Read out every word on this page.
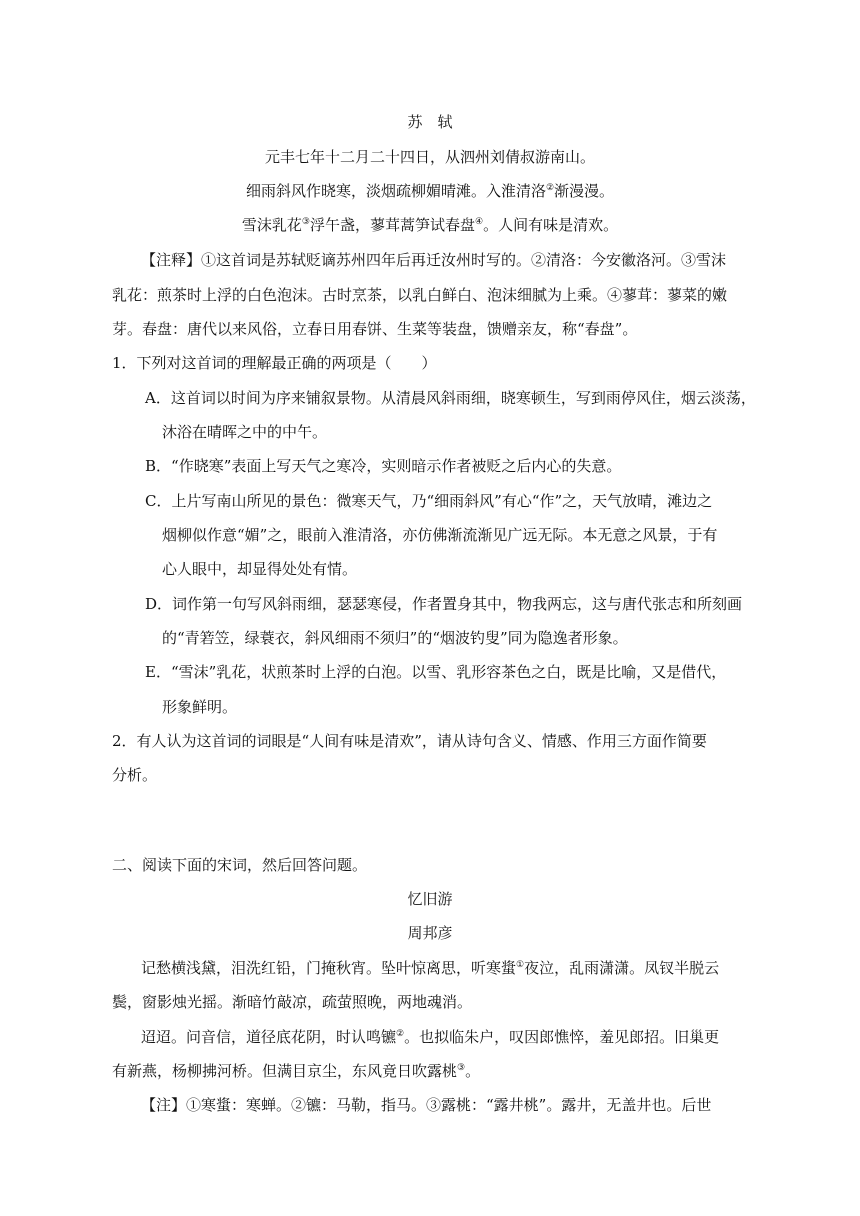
苏　轼
元丰七年十二月二十四日，从泗州刘倩叔游南山。
细雨斜风作晓寒，淡烟疏柳媚晴滩。入淮清洛②渐漫漫。
雪沫乳花③浮午盏，蓼茸蒿笋试春盘④。人间有味是清欢。
【注释】①这首词是苏轼贬谪苏州四年后再迁汝州时写的。②清洛：今安徽洛河。③雪沫
乳花：煎茶时上浮的白色泡沫。古时烹茶，以乳白鲜白、泡沫细腻为上乘。④蓼茸：蓼菜的嫩
芽。春盘：唐代以来风俗，立春日用春饼、生菜等装盘，馈赠亲友，称“春盘”。
1．下列对这首词的理解最正确的两项是（　　）
A．这首词以时间为序来铺叙景物。从清晨风斜雨细，晓寒顿生，写到雨停风住，烟云淡荡，
沐浴在晴晖之中的中午。
B．“作晓寒”表面上写天气之寒冷，实则暗示作者被贬之后内心的失意。
C．上片写南山所见的景色：微寒天气，乃“细雨斜风”有心“作”之，天气放晴，滩边之
烟柳似作意“媚”之，眼前入淮清洛，亦仿佛渐流渐见广远无际。本无意之风景，于有
心人眼中，却显得处处有情。
D．词作第一句写风斜雨细，瑟瑟寒侵，作者置身其中，物我两忘，这与唐代张志和所刻画
的“青箬笠，绿蓑衣，斜风细雨不须归”的“烟波钓叟”同为隐逸者形象。
E．“雪沫”乳花，状煎茶时上浮的白泡。以雪、乳形容茶色之白，既是比喻，又是借代，
形象鲜明。
2．有人认为这首词的词眼是“人间有味是清欢”，请从诗句含义、情感、作用三方面作简要
分析。
二、阅读下面的宋词，然后回答问题。
忆旧游
周邦彦
记愁横浅黛，泪洗红铅，门掩秋宵。坠叶惊离思，听寒螀①夜泣，乱雨潇潇。凤钗半脱云
鬓，窗影烛光摇。渐暗竹敲凉，疏萤照晚，两地魂消。
迢迢。问音信，道径底花阴，时认鸣镳②。也拟临朱户，叹因郎憔悴，羞见郎招。旧巢更
有新燕，杨柳拂河桥。但满目京尘，东风竟日吹露桃③。
【注】①寒螀：寒蝉。②镳：马勒，指马。③露桃：“露井桃”。露井，无盖井也。后世
